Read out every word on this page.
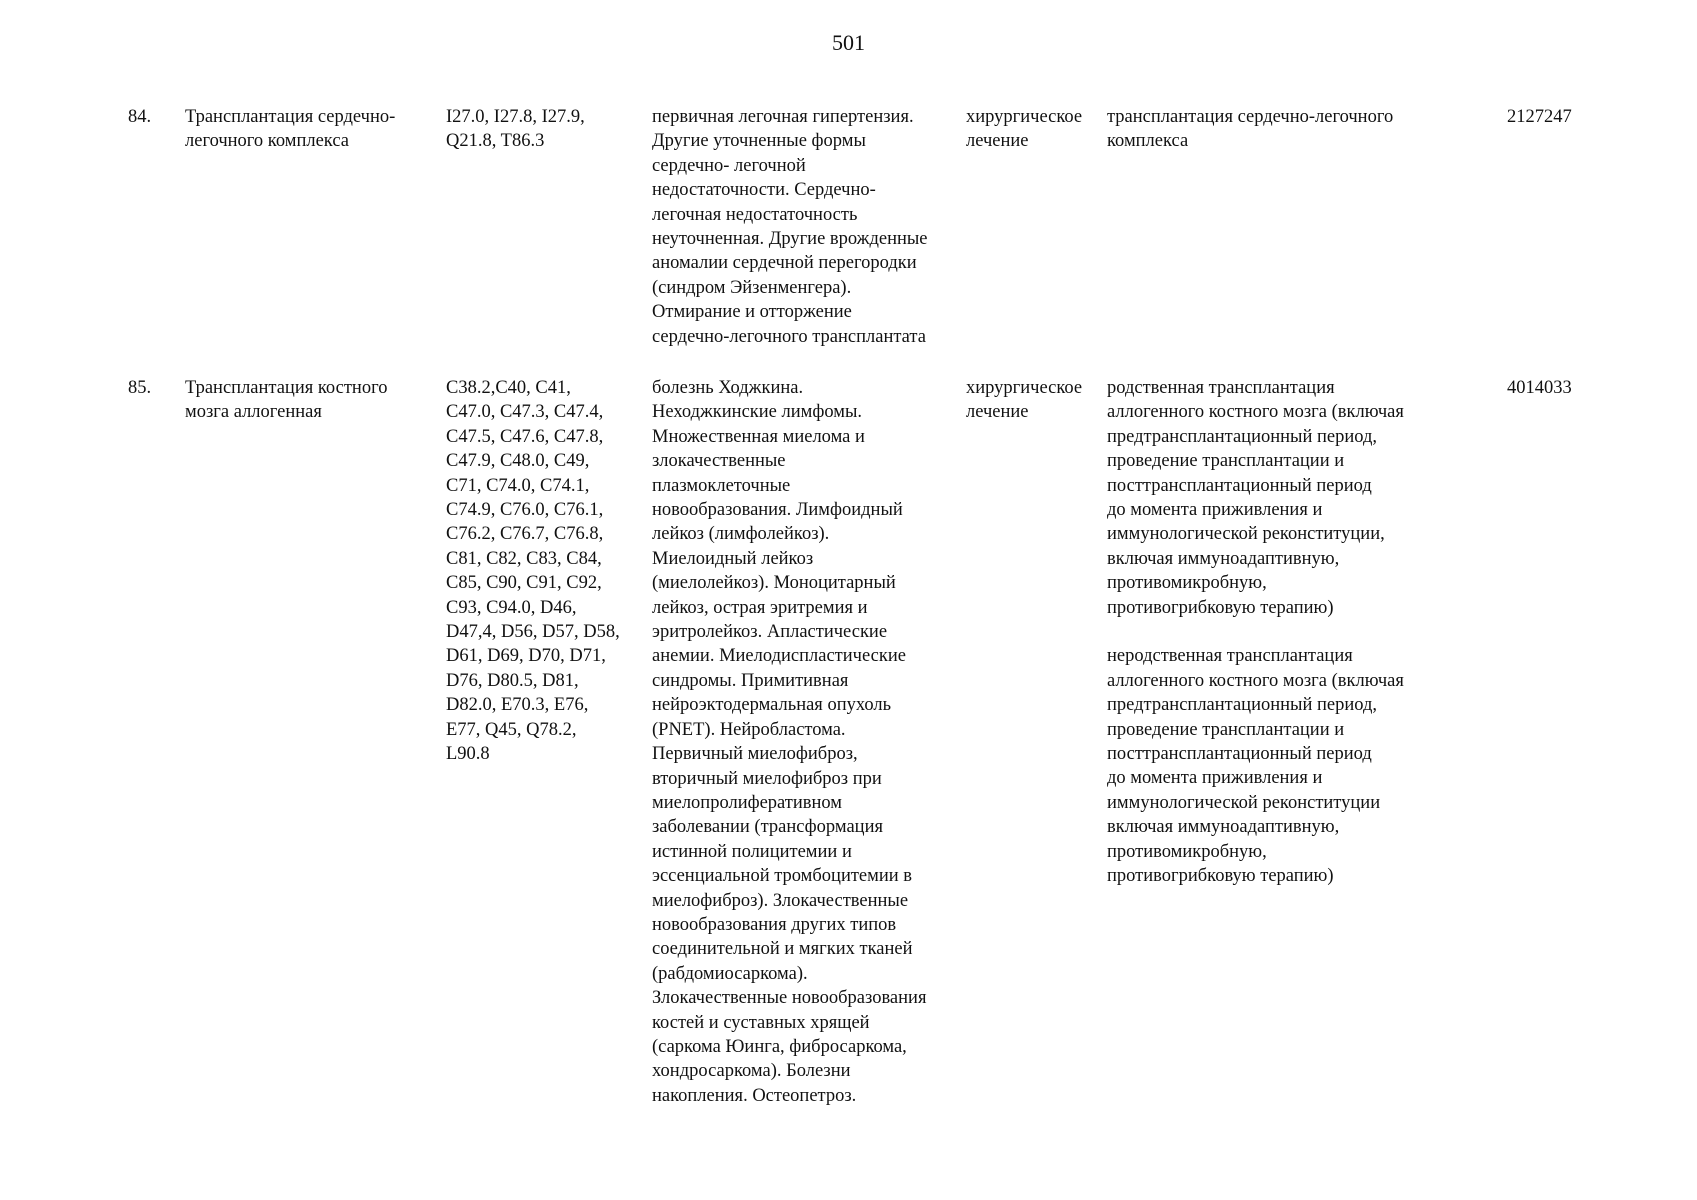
501
84. Трансплантация сердечно-
легочного комплекса
I27.0, I27.8, I27.9,
Q21.8, T86.3
первичная легочная гипертензия.
Другие уточненные формы
сердечно- легочной
недостаточности. Сердечно-
легочная недостаточность
неуточненная. Другие врожденные
аномалии сердечной перегородки
(синдром Эйзенменгера).
Отмирание и отторжение
сердечно-легочного трансплантата
хирургическое
лечение
трансплантация сердечно-легочного
комплекса
2127247
85. Трансплантация костного
мозга аллогенная
C38.2,C40, C41,
C47.0, C47.3, C47.4,
C47.5, C47.6, C47.8,
C47.9, C48.0, C49,
C71, C74.0, C74.1,
C74.9, C76.0, C76.1,
C76.2, C76.7, C76.8,
C81, C82, C83, C84,
C85, C90, C91, C92,
C93, C94.0, D46,
D47,4, D56, D57, D58,
D61, D69, D70, D71,
D76, D80.5, D81,
D82.0, E70.3, E76,
E77, Q45, Q78.2,
L90.8
болезнь Ходжкина.
Неходжкинские лимфомы.
Множественная миелома и
злокачественные
плазмоклеточные
новообразования. Лимфоидный
лейкоз (лимфолейкоз).
Миелоидный лейкоз
(миелолейкоз). Моноцитарный
лейкоз, острая эритремия и
эритролейкоз. Апластические
анемии. Миелодиспластические
синдромы. Примитивная
нейроэктодермальная опухоль
(PNET). Нейробластома.
Первичный миелофиброз,
вторичный миелофиброз при
миелопролиферативном
заболевании (трансформация
истинной полицитемии и
эссенциальной тромбоцитемии в
миелофиброз). Злокачественные
новообразования других типов
соединительной и мягких тканей
(рабдомиосаркома).
Злокачественные новообразования
костей и суставных хрящей
(саркома Юинга, фибросаркома,
хондросаркома). Болезни
накопления. Остеопетроз.
хирургическое
лечение
родственная трансплантация
аллогенного костного мозга (включая
предтрансплантационный период,
проведение трансплантации и
посттрансплантационный период
до момента приживления и
иммунологической реконституции,
включая иммуноадаптивную,
противомикробную,
противогрибковую терапию)
неродственная трансплантация
аллогенного костного мозга (включая
предтрансплантационный период,
проведение трансплантации и
посттрансплантационный период
до момента приживления и
иммунологической реконституции
включая иммуноадаптивную,
противомикробную,
противогрибковую терапию)
4014033
